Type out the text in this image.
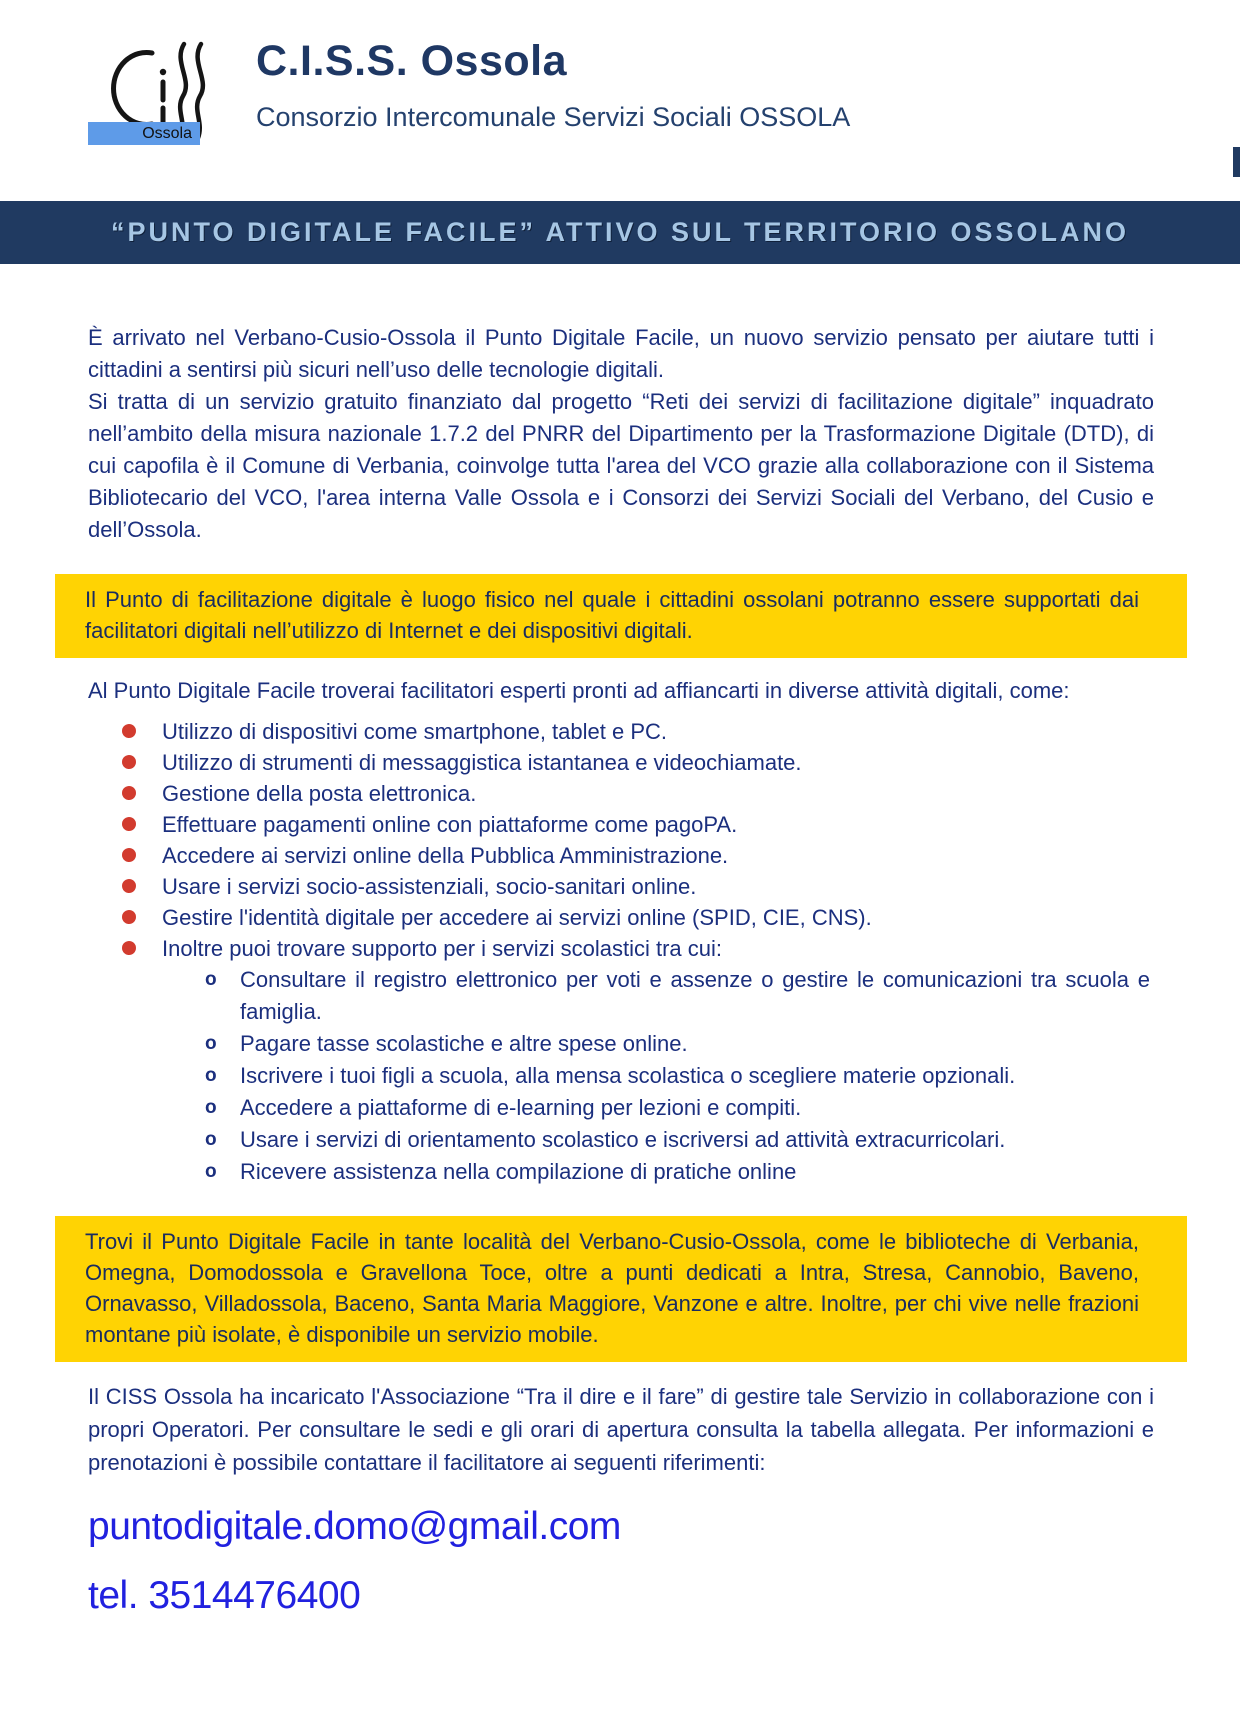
Ossola
C.I.S.S. Ossola

Consorzio Intercomunale Servizi Sociali OSSOLA

“PUNTO DIGITALE FACILE” ATTIVO SUL TERRITORIO OSSOLANO

È arrivato nel Verbano-Cusio-Ossola il Punto Digitale Facile, un nuovo servizio pensato per aiutare tutti i cittadini a sentirsi più sicuri nell’uso delle tecnologie digitali.

Si tratta di un servizio gratuito finanziato dal progetto “Reti dei servizi di facilitazione digitale” inquadrato nell’ambito della misura nazionale 1.7.2 del PNRR del Dipartimento per la Trasformazione Digitale (DTD), di cui capofila è il Comune di Verbania, coinvolge tutta l'area del VCO grazie alla collaborazione con il Sistema Bibliotecario del VCO, l'area interna Valle Ossola e i Consorzi dei Servizi Sociali del Verbano, del Cusio e dell’Ossola.

Il Punto di facilitazione digitale è luogo fisico nel quale i cittadini ossolani potranno essere supportati dai facilitatori digitali nell’utilizzo di Internet e dei dispositivi digitali.

Al Punto Digitale Facile troverai facilitatori esperti pronti ad affiancarti in diverse attività digitali, come:

Utilizzo di dispositivi come smartphone, tablet e PC.
Utilizzo di strumenti di messaggistica istantanea e videochiamate.
Gestione della posta elettronica.
Effettuare pagamenti online con piattaforme come pagoPA.
Accedere ai servizi online della Pubblica Amministrazione.
Usare i servizi socio-assistenziali, socio-sanitari online.
Gestire l'identità digitale per accedere ai servizi online (SPID, CIE, CNS).
Inoltre puoi trovare supporto per i servizi scolastici tra cui:
o	Consultare il registro elettronico per voti e assenze o gestire le comunicazioni tra scuola e famiglia.
o	Pagare tasse scolastiche e altre spese online.
o	Iscrivere i tuoi figli a scuola, alla mensa scolastica o scegliere materie opzionali.
o	Accedere a piattaforme di e-learning per lezioni e compiti.
o	Usare i servizi di orientamento scolastico e iscriversi ad attività extracurricolari.
o	Ricevere assistenza nella compilazione di pratiche online
Trovi il Punto Digitale Facile in tante località del Verbano-Cusio-Ossola, come le biblioteche di Verbania, Omegna, Domodossola e Gravellona Toce, oltre a punti dedicati a Intra, Stresa, Cannobio, Baveno, Ornavasso, Villadossola, Baceno, Santa Maria Maggiore, Vanzone e altre. Inoltre, per chi vive nelle frazioni montane più isolate, è disponibile un servizio mobile.

Il CISS Ossola ha incaricato l'Associazione “Tra il dire e il fare” di gestire tale Servizio in collaborazione con i propri Operatori. Per consultare le sedi e gli orari di apertura consulta la tabella allegata. Per informazioni e prenotazioni è possibile contattare il facilitatore ai seguenti riferimenti:

puntodigitale.domo@gmail.com
tel. 3514476400
